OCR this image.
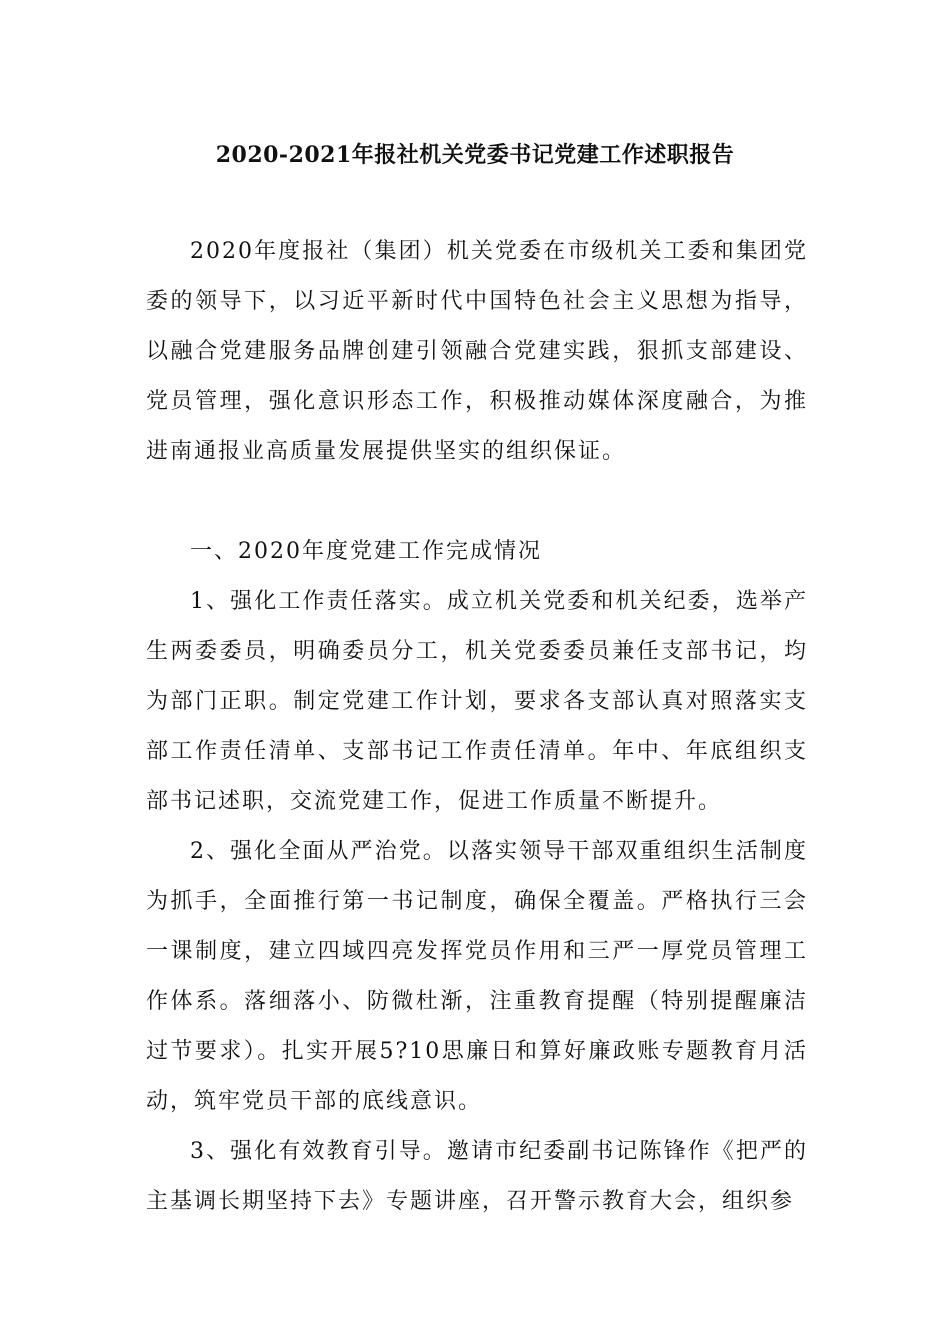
2020-2021年报社机关党委书记党建工作述职报告

2020年度报社（集团）机关党委在市级机关工委和集团党委的领导下，以习近平新时代中国特色社会主义思想为指导，以融合党建服务品牌创建引领融合党建实践，狠抓支部建设、党员管理，强化意识形态工作，积极推动媒体深度融合，为推进南通报业高质量发展提供坚实的组织保证。

一、2020年度党建工作完成情况

1、强化工作责任落实。成立机关党委和机关纪委，选举产生两委委员，明确委员分工，机关党委委员兼任支部书记，均为部门正职。制定党建工作计划，要求各支部认真对照落实支部工作责任清单、支部书记工作责任清单。年中、年底组织支部书记述职，交流党建工作，促进工作质量不断提升。

2、强化全面从严治党。以落实领导干部双重组织生活制度为抓手，全面推行第一书记制度，确保全覆盖。严格执行三会一课制度，建立四域四亮发挥党员作用和三严一厚党员管理工作体系。落细落小、防微杜渐，注重教育提醒（特别提醒廉洁过节要求）。扎实开展5?10思廉日和算好廉政账专题教育月活动，筑牢党员干部的底线意识。

3、强化有效教育引导。邀请市纪委副书记陈锋作《把严的主基调长期坚持下去》专题讲座，召开警示教育大会，组织参
